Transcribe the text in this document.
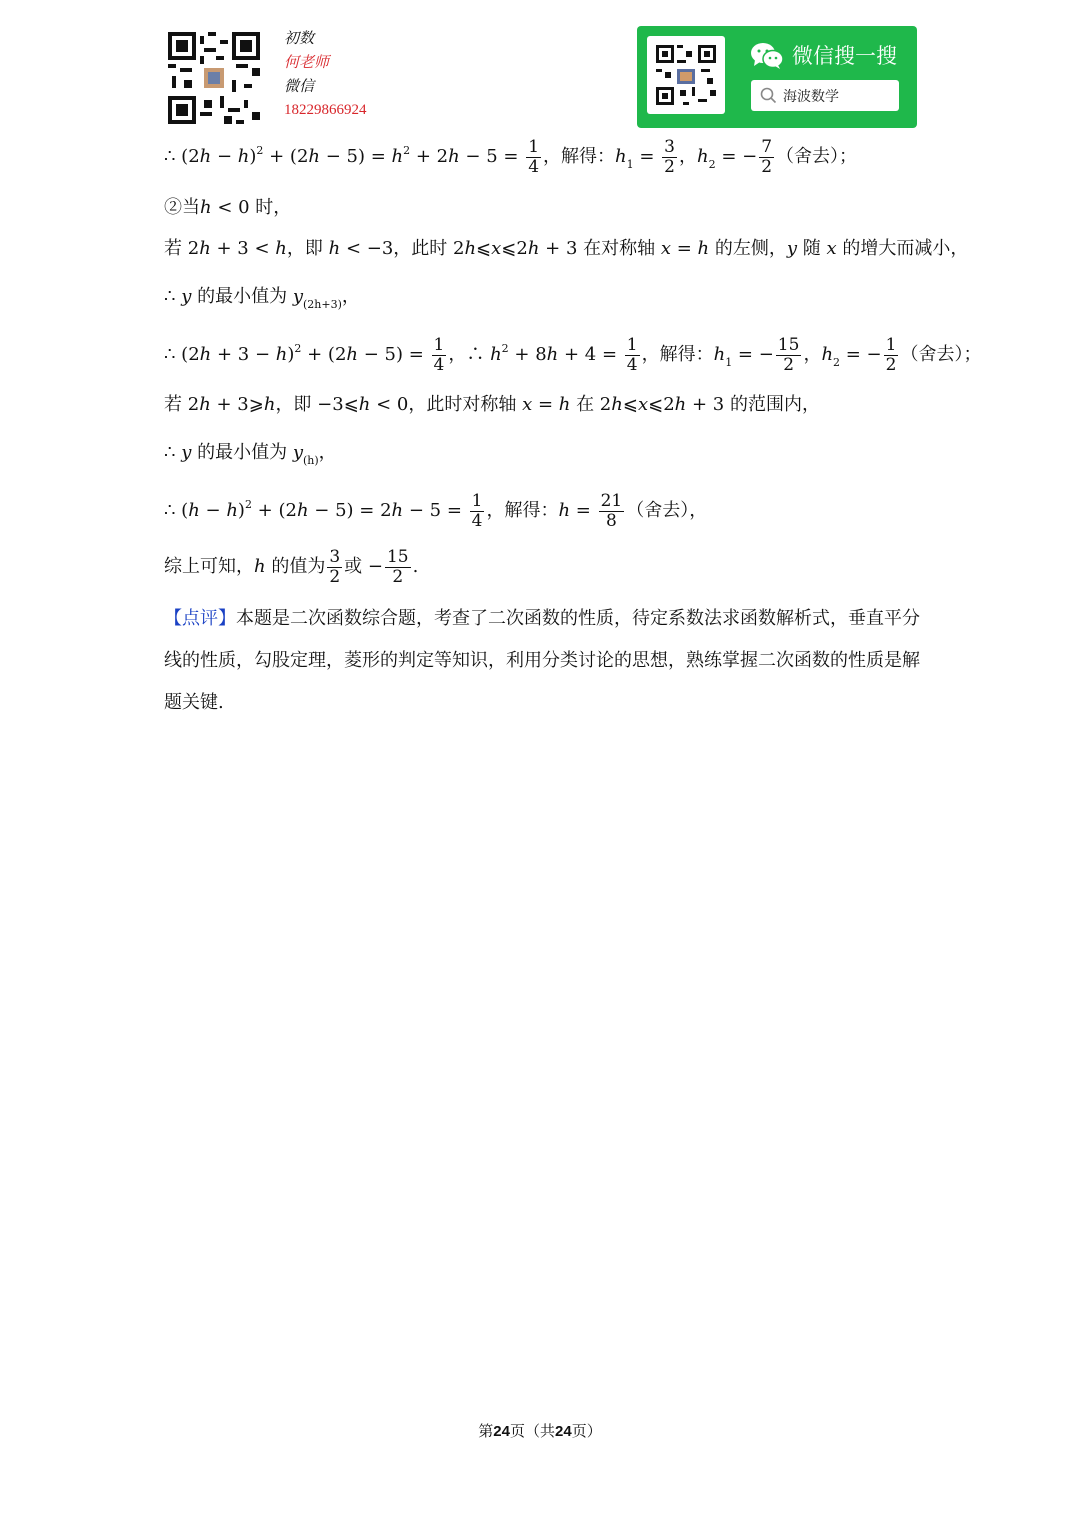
初数
何老师
微信
18229866924
微信搜一搜
海波数学
∴ $(2h - h)^2 + (2h - 5) = h^2 + 2h - 5 = \frac{1}{4}$ ，解得：$h_1 = \frac{3}{2}$ ，$h_2$ = − $\frac{7}{2}$ （舍去）；
②当h < 0 时，
若 2h + 3 < h，即 h < −3，此时 2h⩽x⩽2h + 3 在对称轴 x = h 的左侧，y 随 x 的增大而减小，
∴ y 的最小值为 $y_{(2h+3)}$，
∴ $(2h + 3 - h)^2 + (2h - 5) = \frac{1}{4}$ ，∴ $h^2 + 8h + 4 = \frac{1}{4}$ ，解得：$h_1$ = − $\frac{15}{2}$ ，$h_2$ = − $\frac{1}{2}$ （舍去）；
若 2h + 3⩾h，即 −3⩽h < 0，此时对称轴 x = h 在 2h⩽x⩽2h + 3 的范围内，
∴ y 的最小值为 $y_{(h)}$，
∴ $(h - h)^2 + (2h - 5) = 2h - 5 = \frac{1}{4}$ ，解得：$h = \frac{21}{8}$ （舍去），
综上可知，h 的值为 $\frac{3}{2}$ 或 − $\frac{15}{2}$ .
【点评】本题是二次函数综合题，考查了二次函数的性质，待定系数法求函数解析式，垂直平分线的性质，勾股定理，菱形的判定等知识，利用分类讨论的思想，熟练掌握二次函数的性质是解题关键.
第24页（共24页）
